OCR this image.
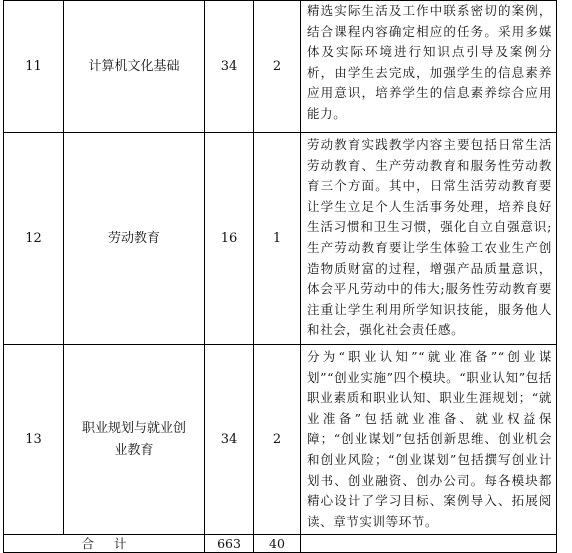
11	计算机文化基础	34	2	精选实际生活及工作中联系密切的案例，结合课程内容确定相应的任务。采用多媒体及实际环境进行知识点引导及案例分析，由学生去完成，加强学生的信息素养应用意识，培养学生的信息素养综合应用能力。
12	劳动教育	16	1	劳动教育实践教学内容主要包括日常生活劳动教育、生产劳动教育和服务性劳动教育三个方面。其中，日常生活劳动教育要让学生立足个人生活事务处理，培养良好生活习惯和卫生习惯，强化自立自强意识;生产劳动教育要让学生体验工农业生产创造物质财富的过程，增强产品质量意识，体会平凡劳动中的伟大;服务性劳动教育要注重让学生利用所学知识技能，服务他人和社会，强化社会责任感。
13	职业规划与就业创业教育	34	2	分为“职业认知”“就业准备”“创业谋划”“创业实施”四个模块。“职业认知”包括职业素质和职业认知、职业生涯规划；“就业准备”包括就业准备、就业权益保障；“创业谋划”包括创新思维、创业机会和创业风险；“创业谋划”包括撰写创业计划书、创业融资、创办公司。每各模块都精心设计了学习目标、案例导入、拓展阅读、章节实训等环节。
合计		663	40	
